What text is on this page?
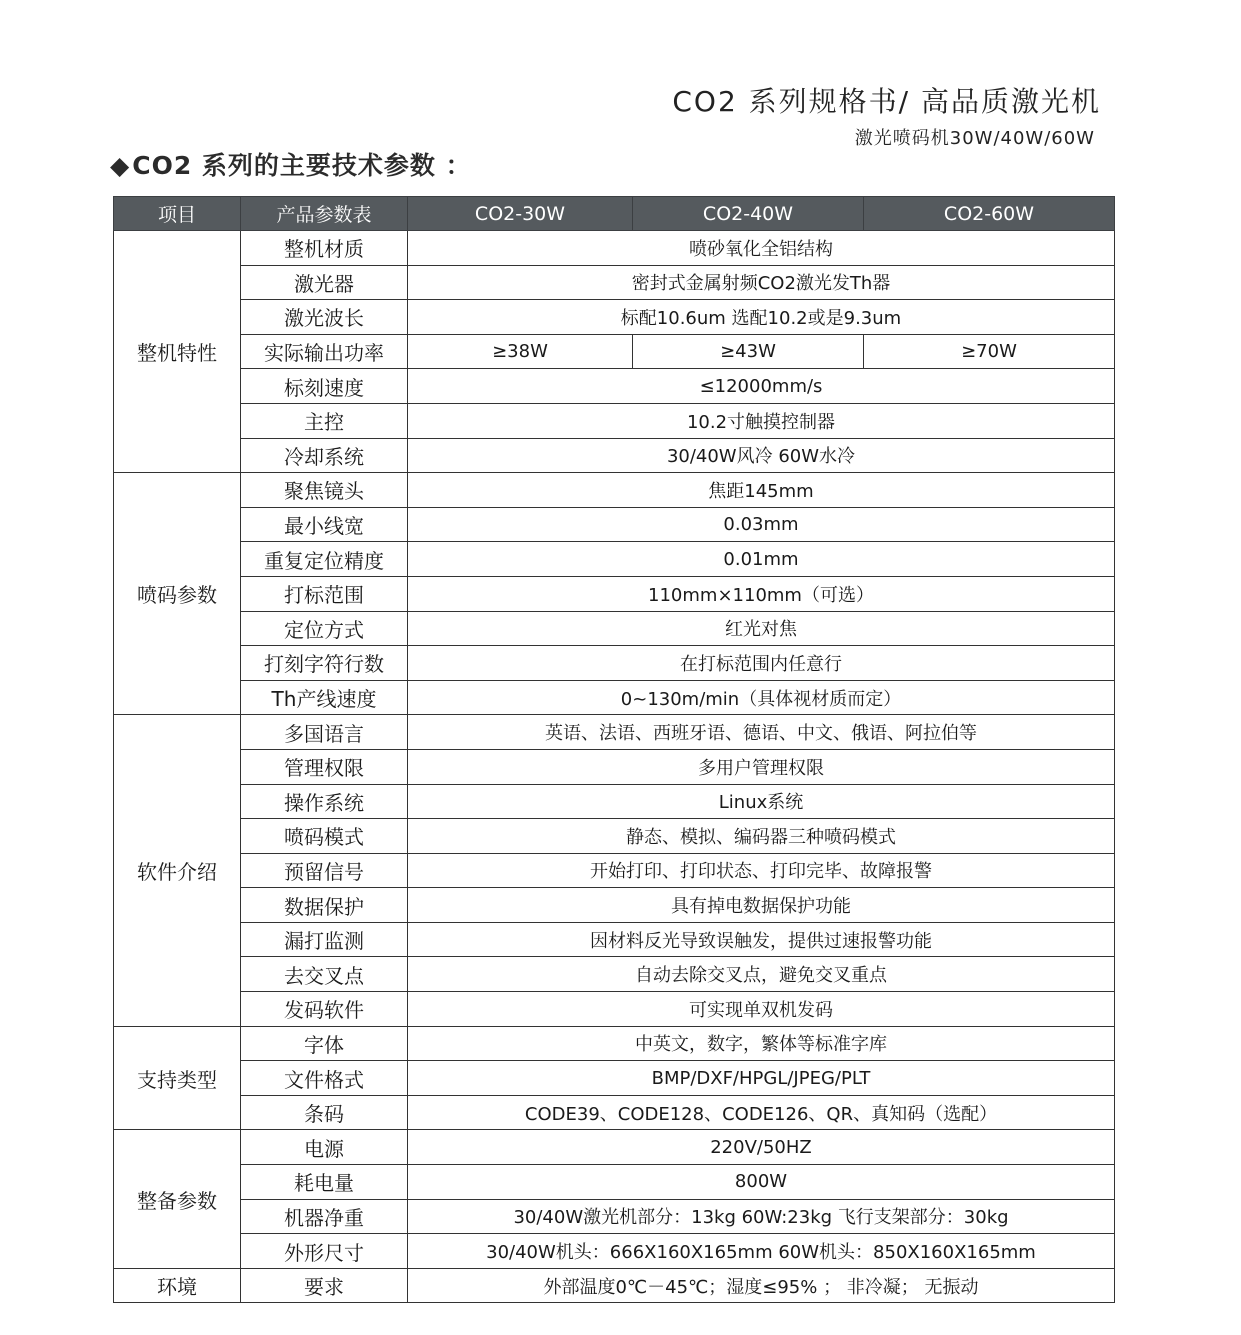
CO2 系列规格书/ 高品质激光机
激光喷码机30W/40W/60W
◆CO2 系列的主要技术参数 ：
项目	产品参数表	CO2-30W	CO2-40W	CO2-60W
整机特性	整机材质	喷砂氧化全铝结构		
	激光器	密封式金属射频CO2激光发Th器		
	激光波长	标配10.6um 选配10.2或是9.3um		
	实际输出功率	≥38W	≥43W	≥70W
	标刻速度	≤12000mm/s		
	主控	10.2寸触摸控制器		
	冷却系统	30/40W风冷 60W水冷		
喷码参数	聚焦镜头	焦距145mm		
	最小线宽	0.03mm		
	重复定位精度	0.01mm		
	打标范围	110mm×110mm（可选）		
	定位方式	红光对焦		
	打刻字符行数	在打标范围内任意行		
	Th产线速度	0~130m/min（具体视材质而定）		
软件介绍	多国语言	英语、法语、西班牙语、德语、中文、俄语、阿拉伯等		
	管理权限	多用户管理权限		
	操作系统	Linux系统		
	喷码模式	静态、模拟、编码器三种喷码模式		
	预留信号	开始打印、打印状态、打印完毕、故障报警		
	数据保护	具有掉电数据保护功能		
	漏打监测	因材料反光导致误触发，提供过速报警功能		
	去交叉点	自动去除交叉点，避免交叉重点		
	发码软件	可实现单双机发码		
支持类型	字体	中英文，数字，繁体等标准字库		
	文件格式	BMP/DXF/HPGL/JPEG/PLT		
	条码	CODE39、CODE128、CODE126、QR、真知码（选配）		
整备参数	电源	220V/50HZ		
	耗电量	800W		
	机器净重	30/40W激光机部分：13kg 60W:23kg 飞行支架部分：30kg		
	外形尺寸	30/40W机头：666X160X165mm 60W机头：850X160X165mm		
环境	要求	外部温度0℃－45℃；湿度≤95% ； 非冷凝； 无振动		
